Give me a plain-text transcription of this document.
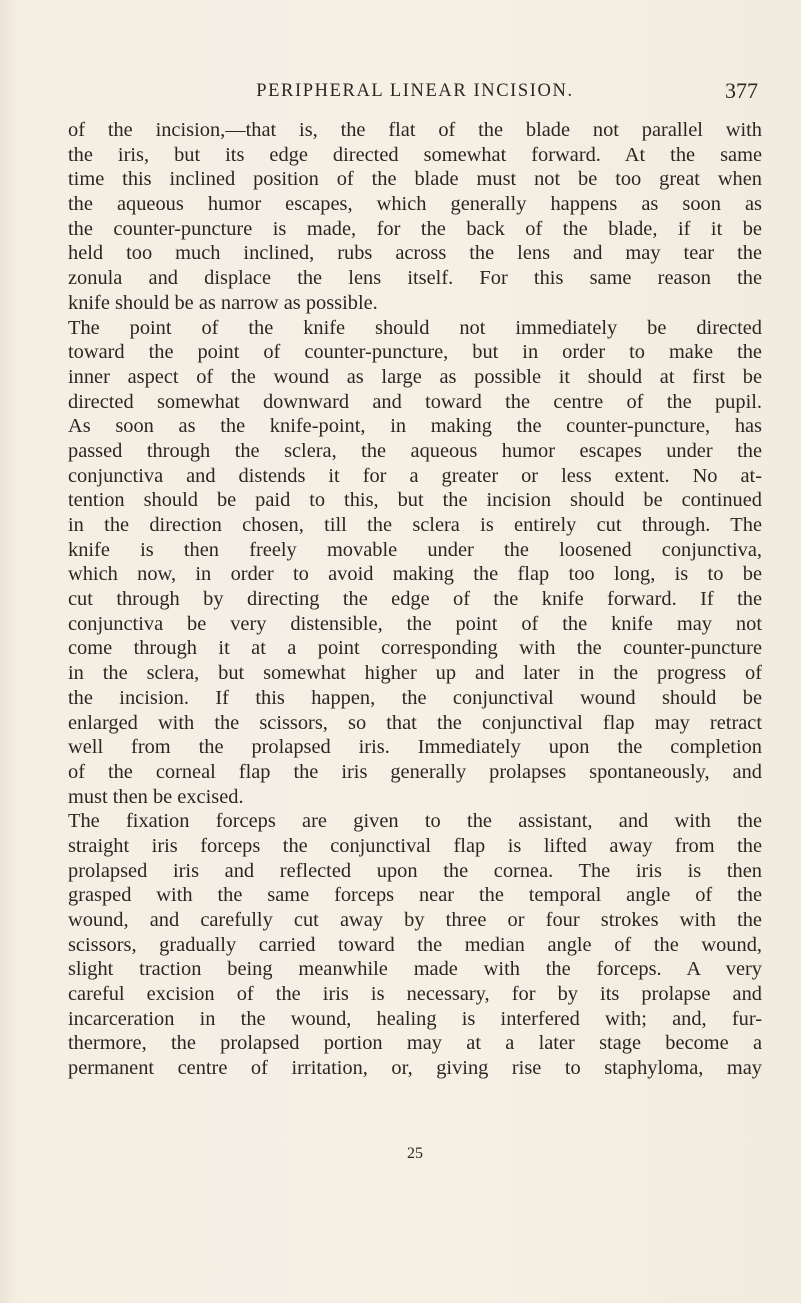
PERIPHERAL LINEAR INCISION.	377
of the incision,—that is, the flat of the blade not parallel with
the iris, but its edge directed somewhat forward. At the same
time this inclined position of the blade must not be too great when
the aqueous humor escapes, which generally happens as soon as
the counter-puncture is made, for the back of the blade, if it be
held too much inclined, rubs across the lens and may tear the
zonula and displace the lens itself. For this same reason the
knife should be as narrow as possible.
The point of the knife should not immediately be directed
toward the point of counter-puncture, but in order to make the
inner aspect of the wound as large as possible it should at first be
directed somewhat downward and toward the centre of the pupil.
As soon as the knife-point, in making the counter-puncture, has
passed through the sclera, the aqueous humor escapes under the
conjunctiva and distends it for a greater or less extent. No at-
tention should be paid to this, but the incision should be continued
in the direction chosen, till the sclera is entirely cut through. The
knife is then freely movable under the loosened conjunctiva,
which now, in order to avoid making the flap too long, is to be
cut through by directing the edge of the knife forward. If the
conjunctiva be very distensible, the point of the knife may not
come through it at a point corresponding with the counter-puncture
in the sclera, but somewhat higher up and later in the progress of
the incision. If this happen, the conjunctival wound should be
enlarged with the scissors, so that the conjunctival flap may retract
well from the prolapsed iris. Immediately upon the completion
of the corneal flap the iris generally prolapses spontaneously, and
must then be excised.
The fixation forceps are given to the assistant, and with the
straight iris forceps the conjunctival flap is lifted away from the
prolapsed iris and reflected upon the cornea. The iris is then
grasped with the same forceps near the temporal angle of the
wound, and carefully cut away by three or four strokes with the
scissors, gradually carried toward the median angle of the wound,
slight traction being meanwhile made with the forceps. A very
careful excision of the iris is necessary, for by its prolapse and
incarceration in the wound, healing is interfered with; and, fur-
thermore, the prolapsed portion may at a later stage become a
permanent centre of irritation, or, giving rise to staphyloma, may
25
